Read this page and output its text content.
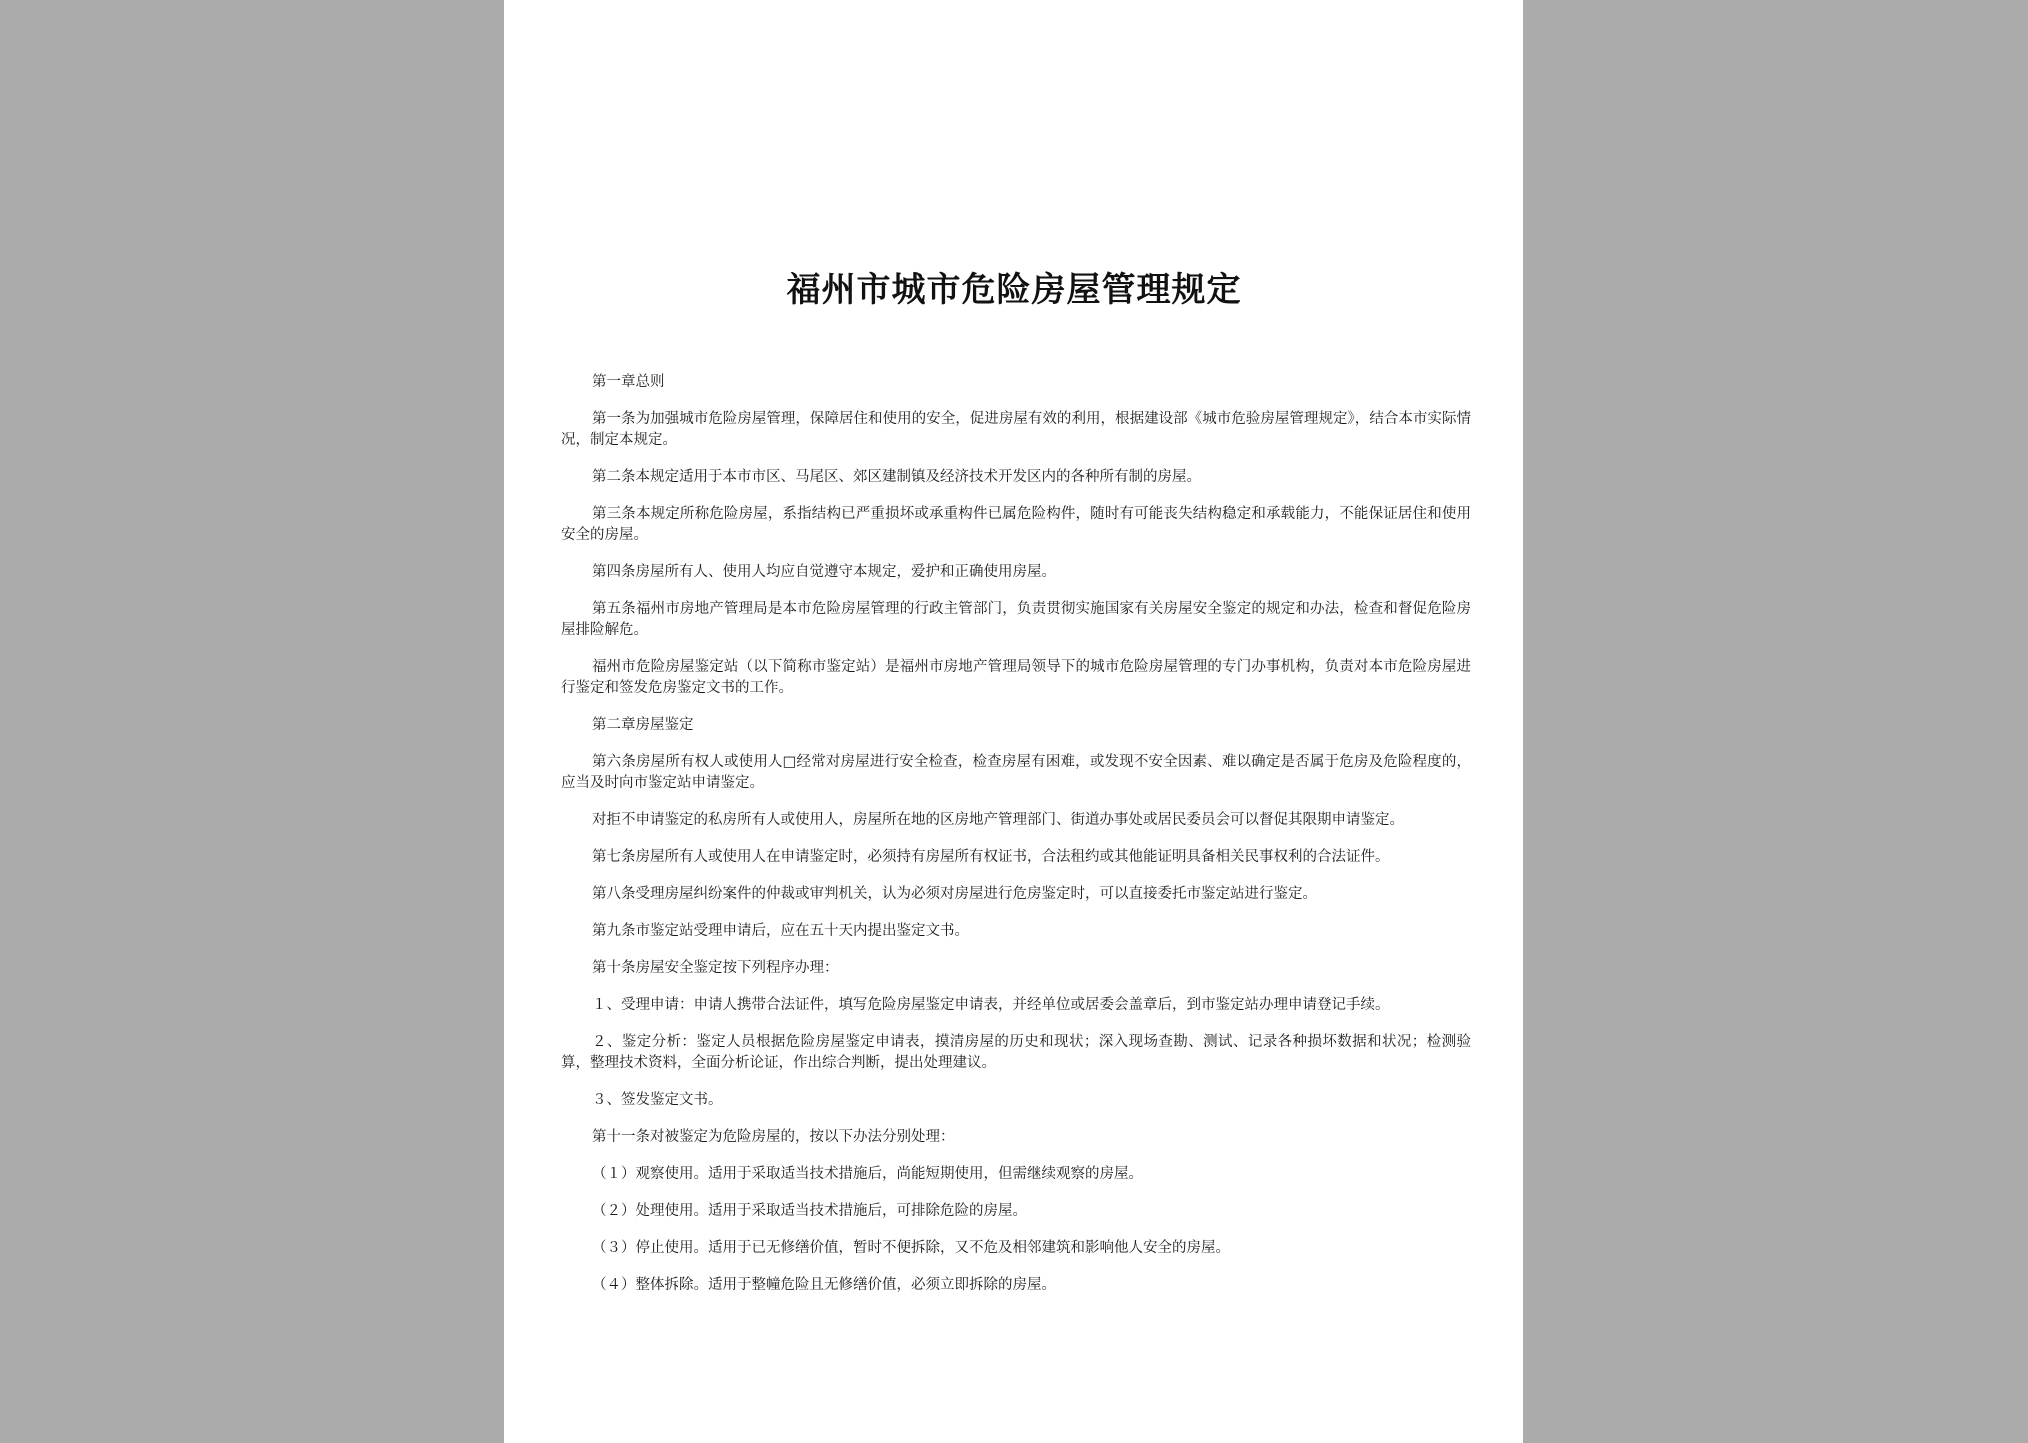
福州市城市危险房屋管理规定

第一章总则

第一条为加强城市危险房屋管理，保障居住和使用的安全，促进房屋有效的利用，根据建设部《城市危验房屋管理规定》，结合本市实际情况，制定本规定。

第二条本规定适用于本市市区、马尾区、郊区建制镇及经济技术开发区内的各种所有制的房屋。

第三条本规定所称危险房屋，系指结构已严重损坏或承重构件已属危险构件，随时有可能丧失结构稳定和承载能力，不能保证居住和使用安全的房屋。

第四条房屋所有人、使用人均应自觉遵守本规定，爱护和正确使用房屋。

第五条福州市房地产管理局是本市危险房屋管理的行政主管部门，负责贯彻实施国家有关房屋安全鉴定的规定和办法，检查和督促危险房屋排险解危。

福州市危险房屋鉴定站（以下简称市鉴定站）是福州市房地产管理局领导下的城市危险房屋管理的专门办事机构，负责对本市危险房屋进行鉴定和签发危房鉴定文书的工作。

第二章房屋鉴定

第六条房屋所有权人或使用人□经常对房屋进行安全检查，检查房屋有困难，或发现不安全因素、难以确定是否属于危房及危险程度的，应当及时向市鉴定站申请鉴定。

对拒不申请鉴定的私房所有人或使用人，房屋所在地的区房地产管理部门、街道办事处或居民委员会可以督促其限期申请鉴定。

第七条房屋所有人或使用人在申请鉴定时，必须持有房屋所有权证书，合法租约或其他能证明具备相关民事权利的合法证件。

第八条受理房屋纠纷案件的仲裁或审判机关，认为必须对房屋进行危房鉴定时，可以直接委托市鉴定站进行鉴定。

第九条市鉴定站受理申请后，应在五十天内提出鉴定文书。

第十条房屋安全鉴定按下列程序办理：

１、受理申请：申请人携带合法证件，填写危险房屋鉴定申请表，并经单位或居委会盖章后，到市鉴定站办理申请登记手续。

２、鉴定分析：鉴定人员根据危险房屋鉴定申请表，摸清房屋的历史和现状；深入现场查勘、测试、记录各种损坏数据和状况；检测验算，整理技术资料，全面分析论证，作出综合判断，提出处理建议。

３、签发鉴定文书。

第十一条对被鉴定为危险房屋的，按以下办法分别处理：

（１）观察使用。适用于采取适当技术措施后，尚能短期使用，但需继续观察的房屋。

（２）处理使用。适用于采取适当技术措施后，可排除危险的房屋。

（３）停止使用。适用于已无修缮价值，暂时不便拆除，又不危及相邻建筑和影响他人安全的房屋。

（４）整体拆除。适用于整幢危险且无修缮价值，必须立即拆除的房屋。
